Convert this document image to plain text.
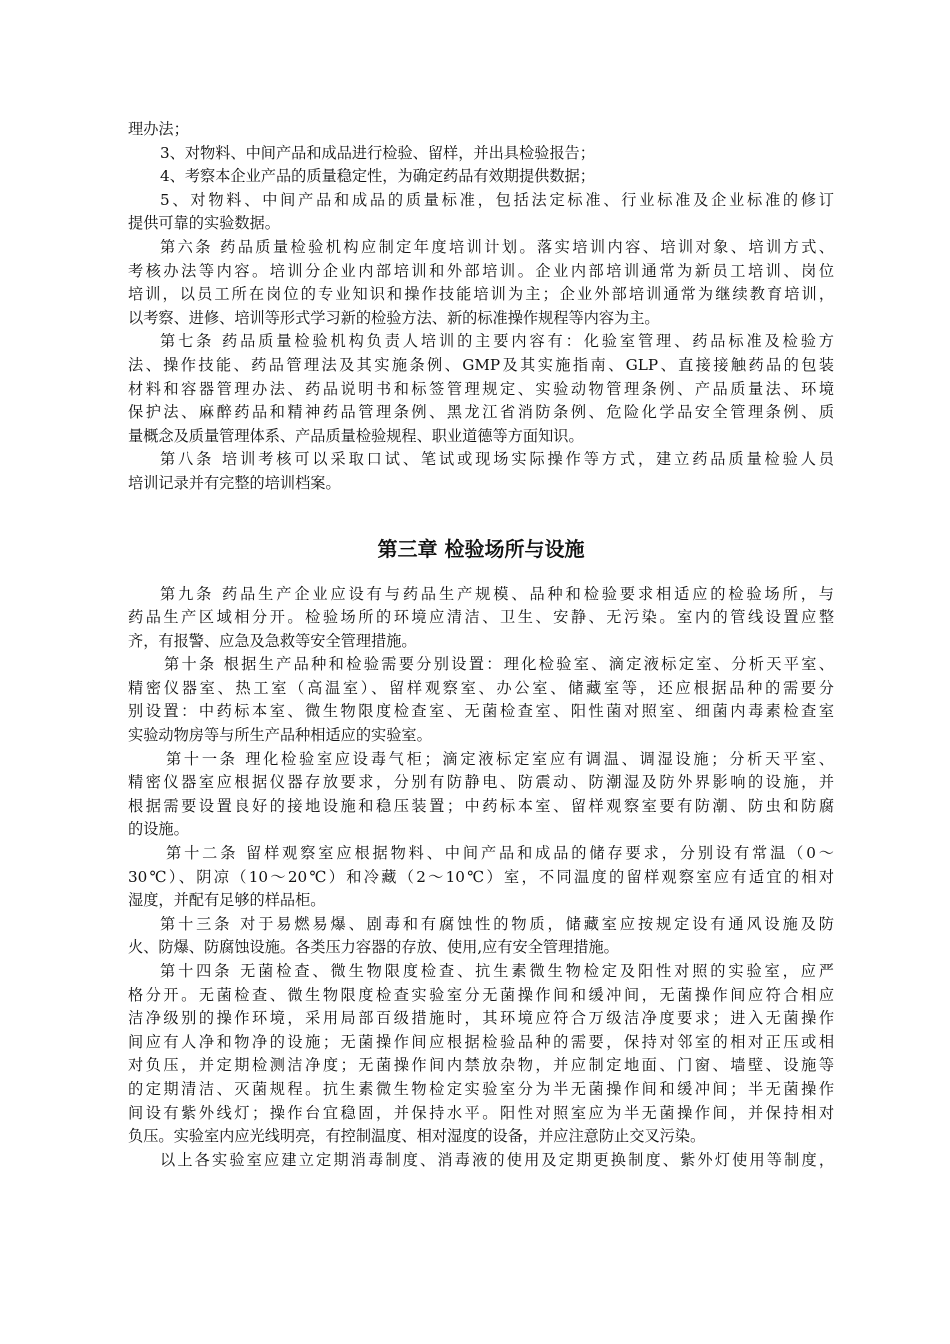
理办法；
3、对物料、中间产品和成品进行检验、留样，并出具检验报告；
4、考察本企业产品的质量稳定性，为确定药品有效期提供数据；
5、对物料、中间产品和成品的质量标准，包括法定标准、行业标准及企业标准的修订
提供可靠的实验数据。
第六条 药品质量检验机构应制定年度培训计划。落实培训内容、培训对象、培训方式、
考核办法等内容。培训分企业内部培训和外部培训。企业内部培训通常为新员工培训、岗位
培训，以员工所在岗位的专业知识和操作技能培训为主；企业外部培训通常为继续教育培训，
以考察、进修、培训等形式学习新的检验方法、新的标准操作规程等内容为主。
第七条 药品质量检验机构负责人培训的主要内容有：化验室管理、药品标准及检验方
法、操作技能、药品管理法及其实施条例、GMP及其实施指南、GLP、直接接触药品的包装
材料和容器管理办法、药品说明书和标签管理规定、实验动物管理条例、产品质量法、环境
保护法、麻醉药品和精神药品管理条例、黑龙江省消防条例、危险化学品安全管理条例、质
量概念及质量管理体系、产品质量检验规程、职业道德等方面知识。
第八条 培训考核可以采取口试、笔试或现场实际操作等方式，建立药品质量检验人员
培训记录并有完整的培训档案。
第三章 检验场所与设施
第九条 药品生产企业应设有与药品生产规模、品种和检验要求相适应的检验场所，与
药品生产区域相分开。检验场所的环境应清洁、卫生、安静、无污染。室内的管线设置应整
齐，有报警、应急及急救等安全管理措施。
第十条 根据生产品种和检验需要分别设置：理化检验室、滴定液标定室、分析天平室、
精密仪器室、热工室（高温室）、留样观察室、办公室、储藏室等，还应根据品种的需要分
别设置：中药标本室、微生物限度检查室、无菌检查室、阳性菌对照室、细菌内毒素检查室
实验动物房等与所生产品种相适应的实验室。
第十一条 理化检验室应设毒气柜；滴定液标定室应有调温、调湿设施；分析天平室、
精密仪器室应根据仪器存放要求，分别有防静电、防震动、防潮湿及防外界影响的设施，并
根据需要设置良好的接地设施和稳压装置；中药标本室、留样观察室要有防潮、防虫和防腐
的设施。
第十二条 留样观察室应根据物料、中间产品和成品的储存要求，分别设有常温（0～
30℃）、阴凉（10～20℃）和冷藏（2～10℃）室，不同温度的留样观察室应有适宜的相对
湿度，并配有足够的样品柜。
第十三条 对于易燃易爆、剧毒和有腐蚀性的物质，储藏室应按规定设有通风设施及防
火、防爆、防腐蚀设施。各类压力容器的存放、使用,应有安全管理措施。
第十四条 无菌检查、微生物限度检查、抗生素微生物检定及阳性对照的实验室，应严
格分开。无菌检查、微生物限度检查实验室分无菌操作间和缓冲间，无菌操作间应符合相应
洁净级别的操作环境，采用局部百级措施时，其环境应符合万级洁净度要求；进入无菌操作
间应有人净和物净的设施；无菌操作间应根据检验品种的需要，保持对邻室的相对正压或相
对负压，并定期检测洁净度；无菌操作间内禁放杂物，并应制定地面、门窗、墙壁、设施等
的定期清洁、灭菌规程。抗生素微生物检定实验室分为半无菌操作间和缓冲间；半无菌操作
间设有紫外线灯；操作台宜稳固，并保持水平。阳性对照室应为半无菌操作间，并保持相对
负压。实验室内应光线明亮，有控制温度、相对湿度的设备，并应注意防止交叉污染。
以上各实验室应建立定期消毒制度、消毒液的使用及定期更换制度、紫外灯使用等制度，
